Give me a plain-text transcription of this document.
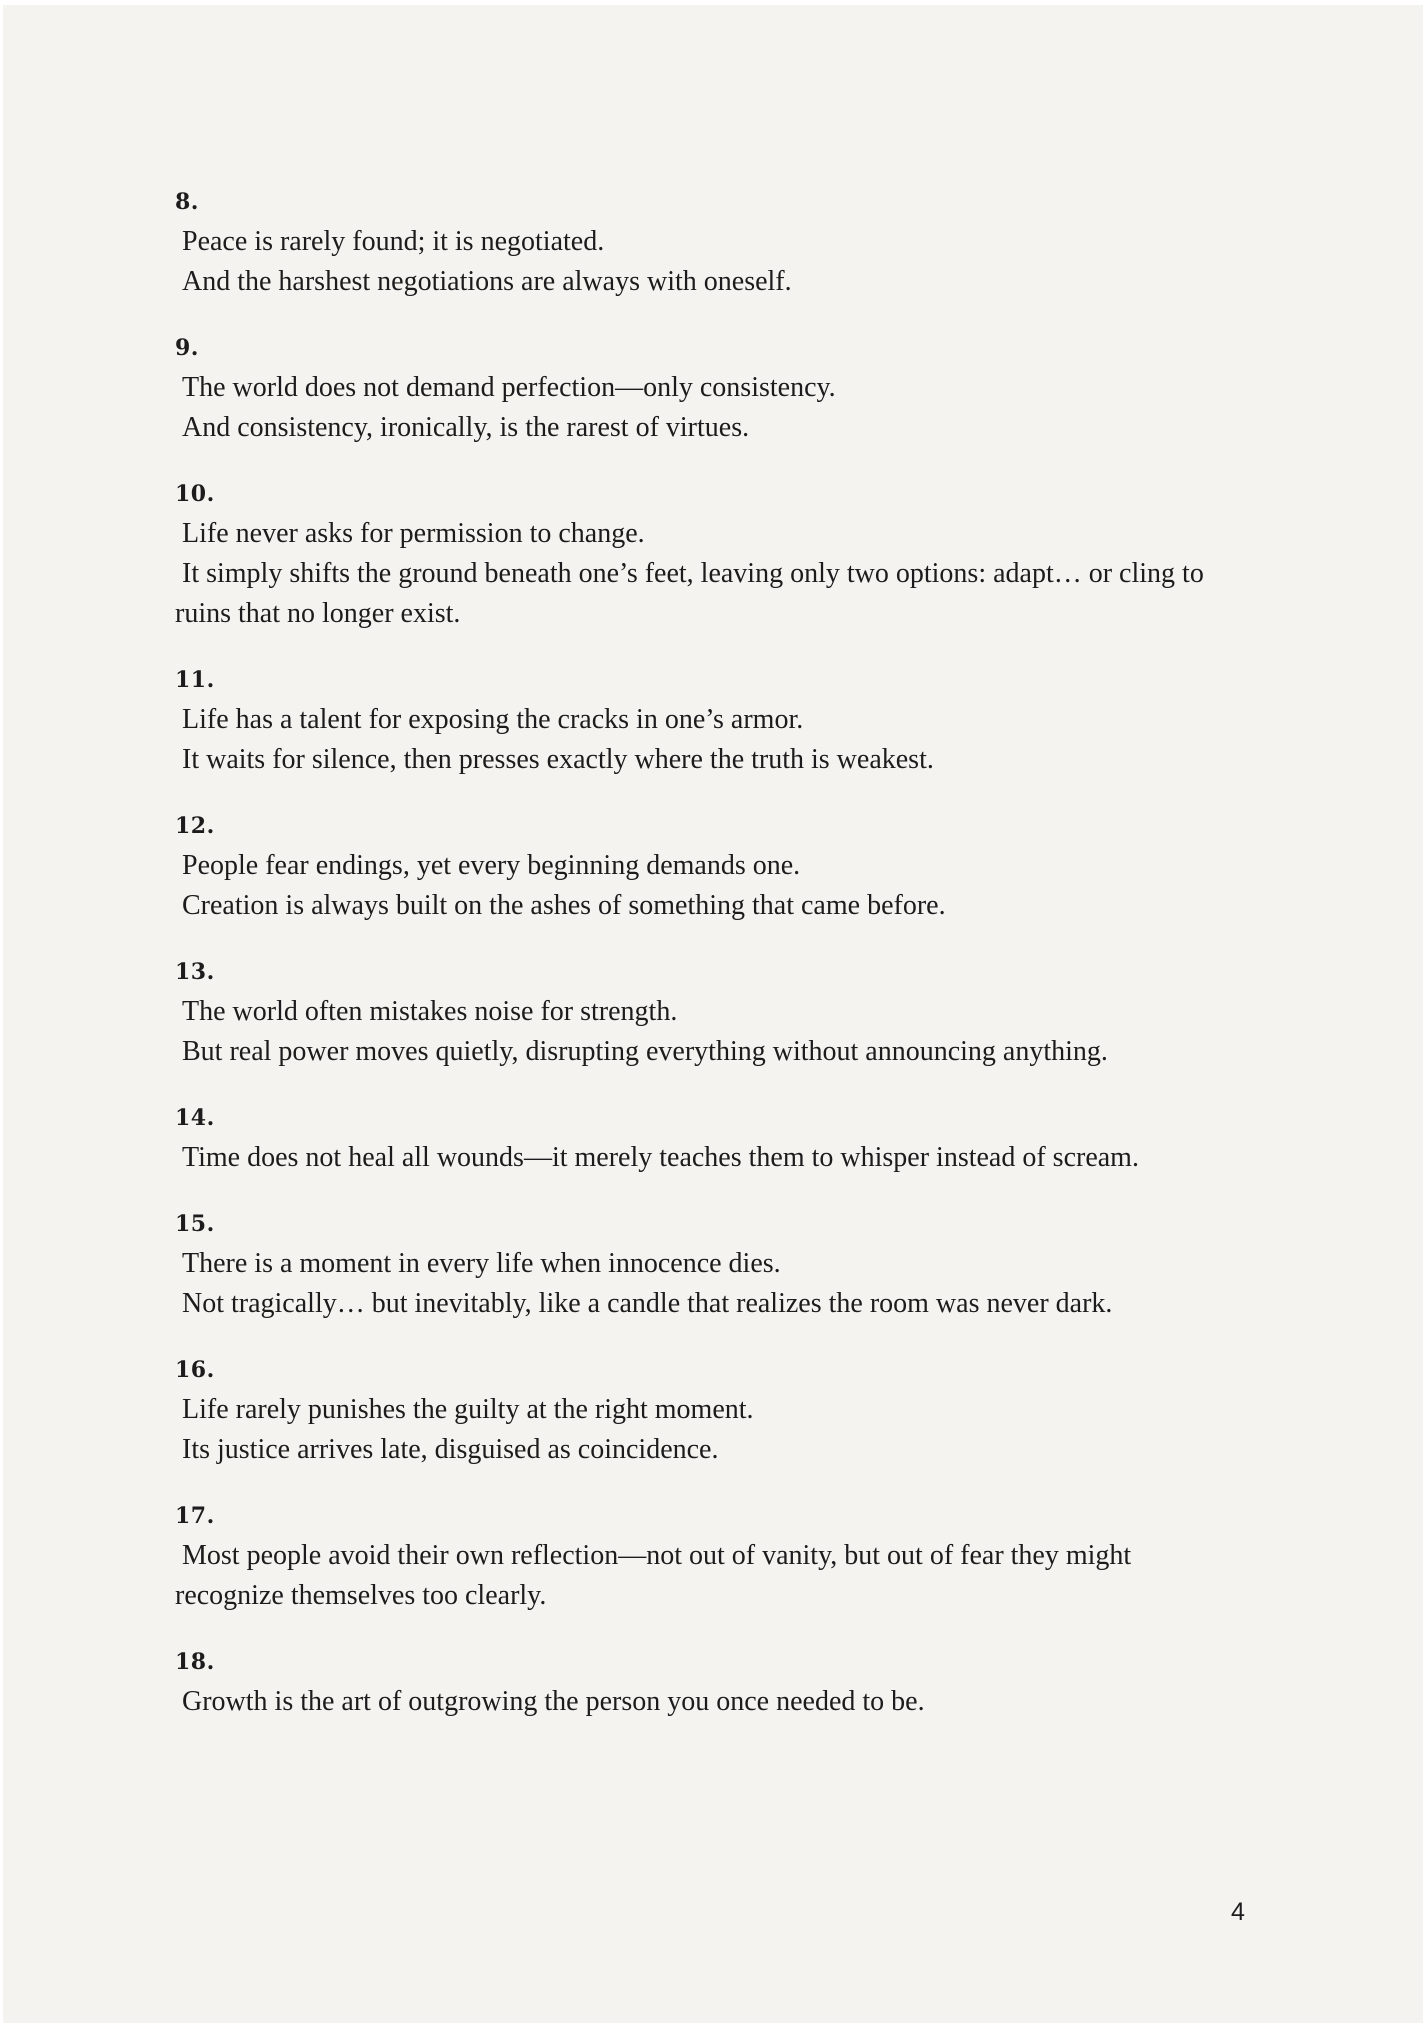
8.
Peace is rarely found; it is negotiated.
And the harshest negotiations are always with oneself.
9.
The world does not demand perfection—only consistency.
And consistency, ironically, is the rarest of virtues.
10.
Life never asks for permission to change.
It simply shifts the ground beneath one’s feet, leaving only two options: adapt… or cling to
ruins that no longer exist.
11.
Life has a talent for exposing the cracks in one’s armor.
It waits for silence, then presses exactly where the truth is weakest.
12.
People fear endings, yet every beginning demands one.
Creation is always built on the ashes of something that came before.
13.
The world often mistakes noise for strength.
But real power moves quietly, disrupting everything without announcing anything.
14.
Time does not heal all wounds—it merely teaches them to whisper instead of scream.
15.
There is a moment in every life when innocence dies.
Not tragically… but inevitably, like a candle that realizes the room was never dark.
16.
Life rarely punishes the guilty at the right moment.
Its justice arrives late, disguised as coincidence.
17.
Most people avoid their own reflection—not out of vanity, but out of fear they might
recognize themselves too clearly.
18.
Growth is the art of outgrowing the person you once needed to be.
4
